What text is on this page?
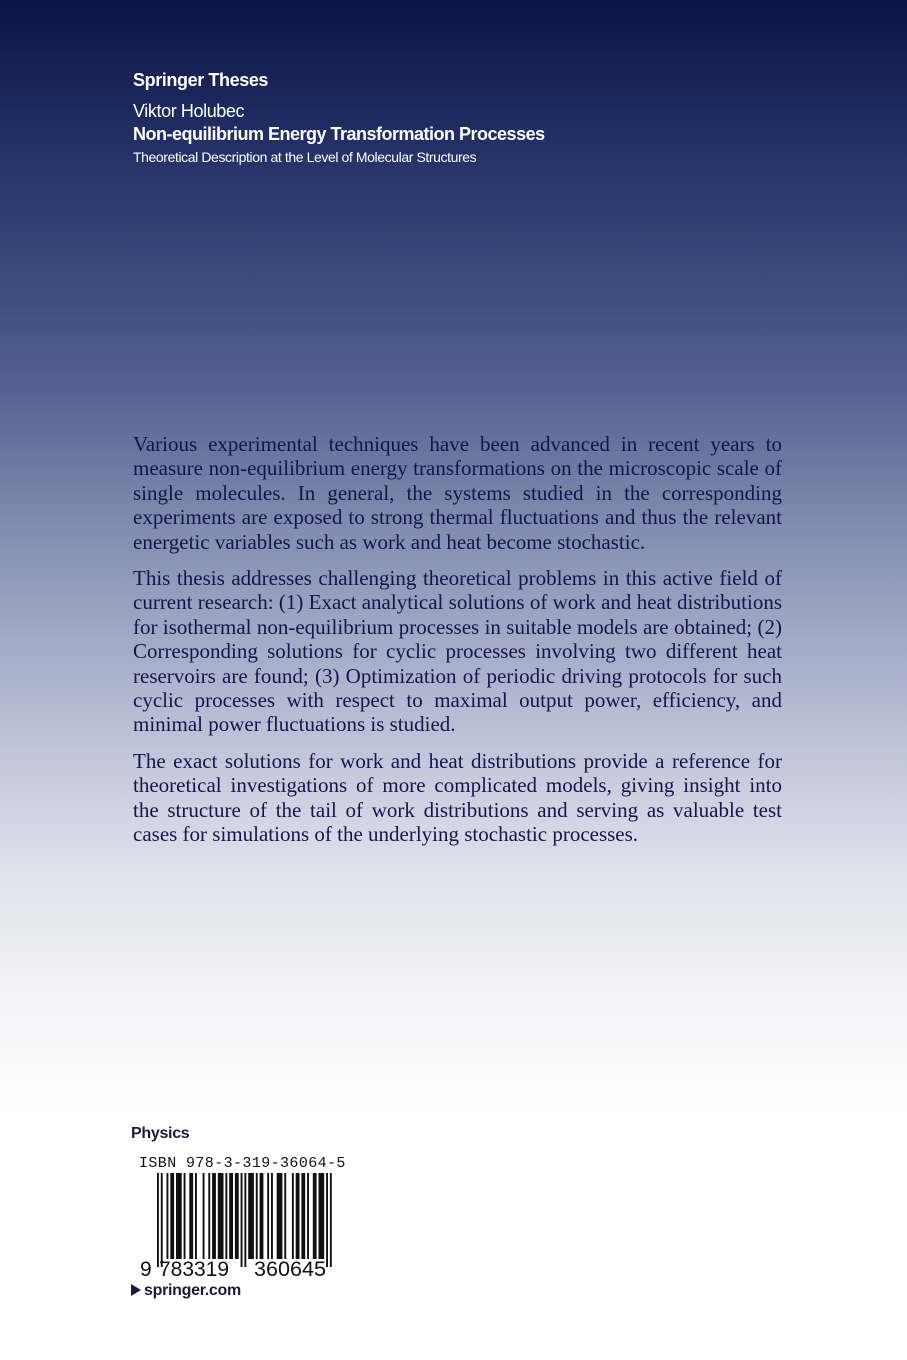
Springer Theses
Viktor Holubec
Non-equilibrium Energy Transformation Processes
Theoretical Description at the Level of Molecular Structures

Various experimental techniques have been advanced in recent years to measure non-equilibrium energy transformations on the microscopic scale of single molecules. In general, the systems studied in the corresponding experiments are exposed to strong thermal fluctuations and thus the relevant energetic variables such as work and heat become stochastic.

This thesis addresses challenging theoretical problems in this active field of current research: (1) Exact analytical solutions of work and heat distributions for isothermal non-equilibrium processes in suitable models are obtained; (2) Corresponding solutions for cyclic processes involving two different heat reservoirs are found; (3) Optimization of periodic driving protocols for such cyclic processes with respect to maximal output power, efficiency, and minimal power fluctuations is studied.

The exact solutions for work and heat distributions provide a reference for theoretical investigations of more complicated models, giving insight into the structure of the tail of work distributions and serving as valuable test cases for simulations of the underlying stochastic processes.

Physics
ISBN 978-3-319-36064-5
9 783319 360645
springer.com
